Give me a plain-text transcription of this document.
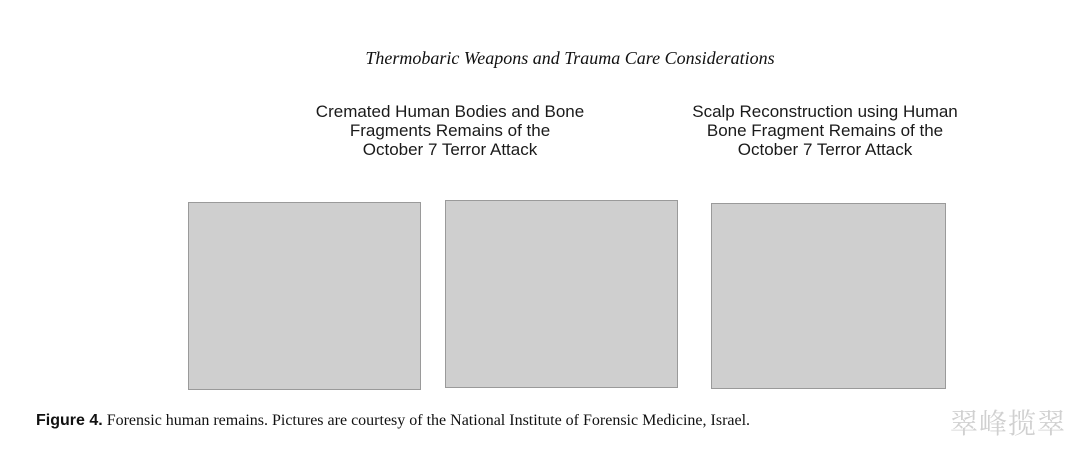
Thermobaric Weapons and Trauma Care Considerations
Cremated Human Bodies and Bone
Fragments Remains of the
October 7 Terror Attack
Scalp Reconstruction using Human
Bone Fragment Remains of the
October 7 Terror Attack
Figure 4. Forensic human remains. Pictures are courtesy of the National Institute of Forensic Medicine, Israel.	翠峰揽翠
